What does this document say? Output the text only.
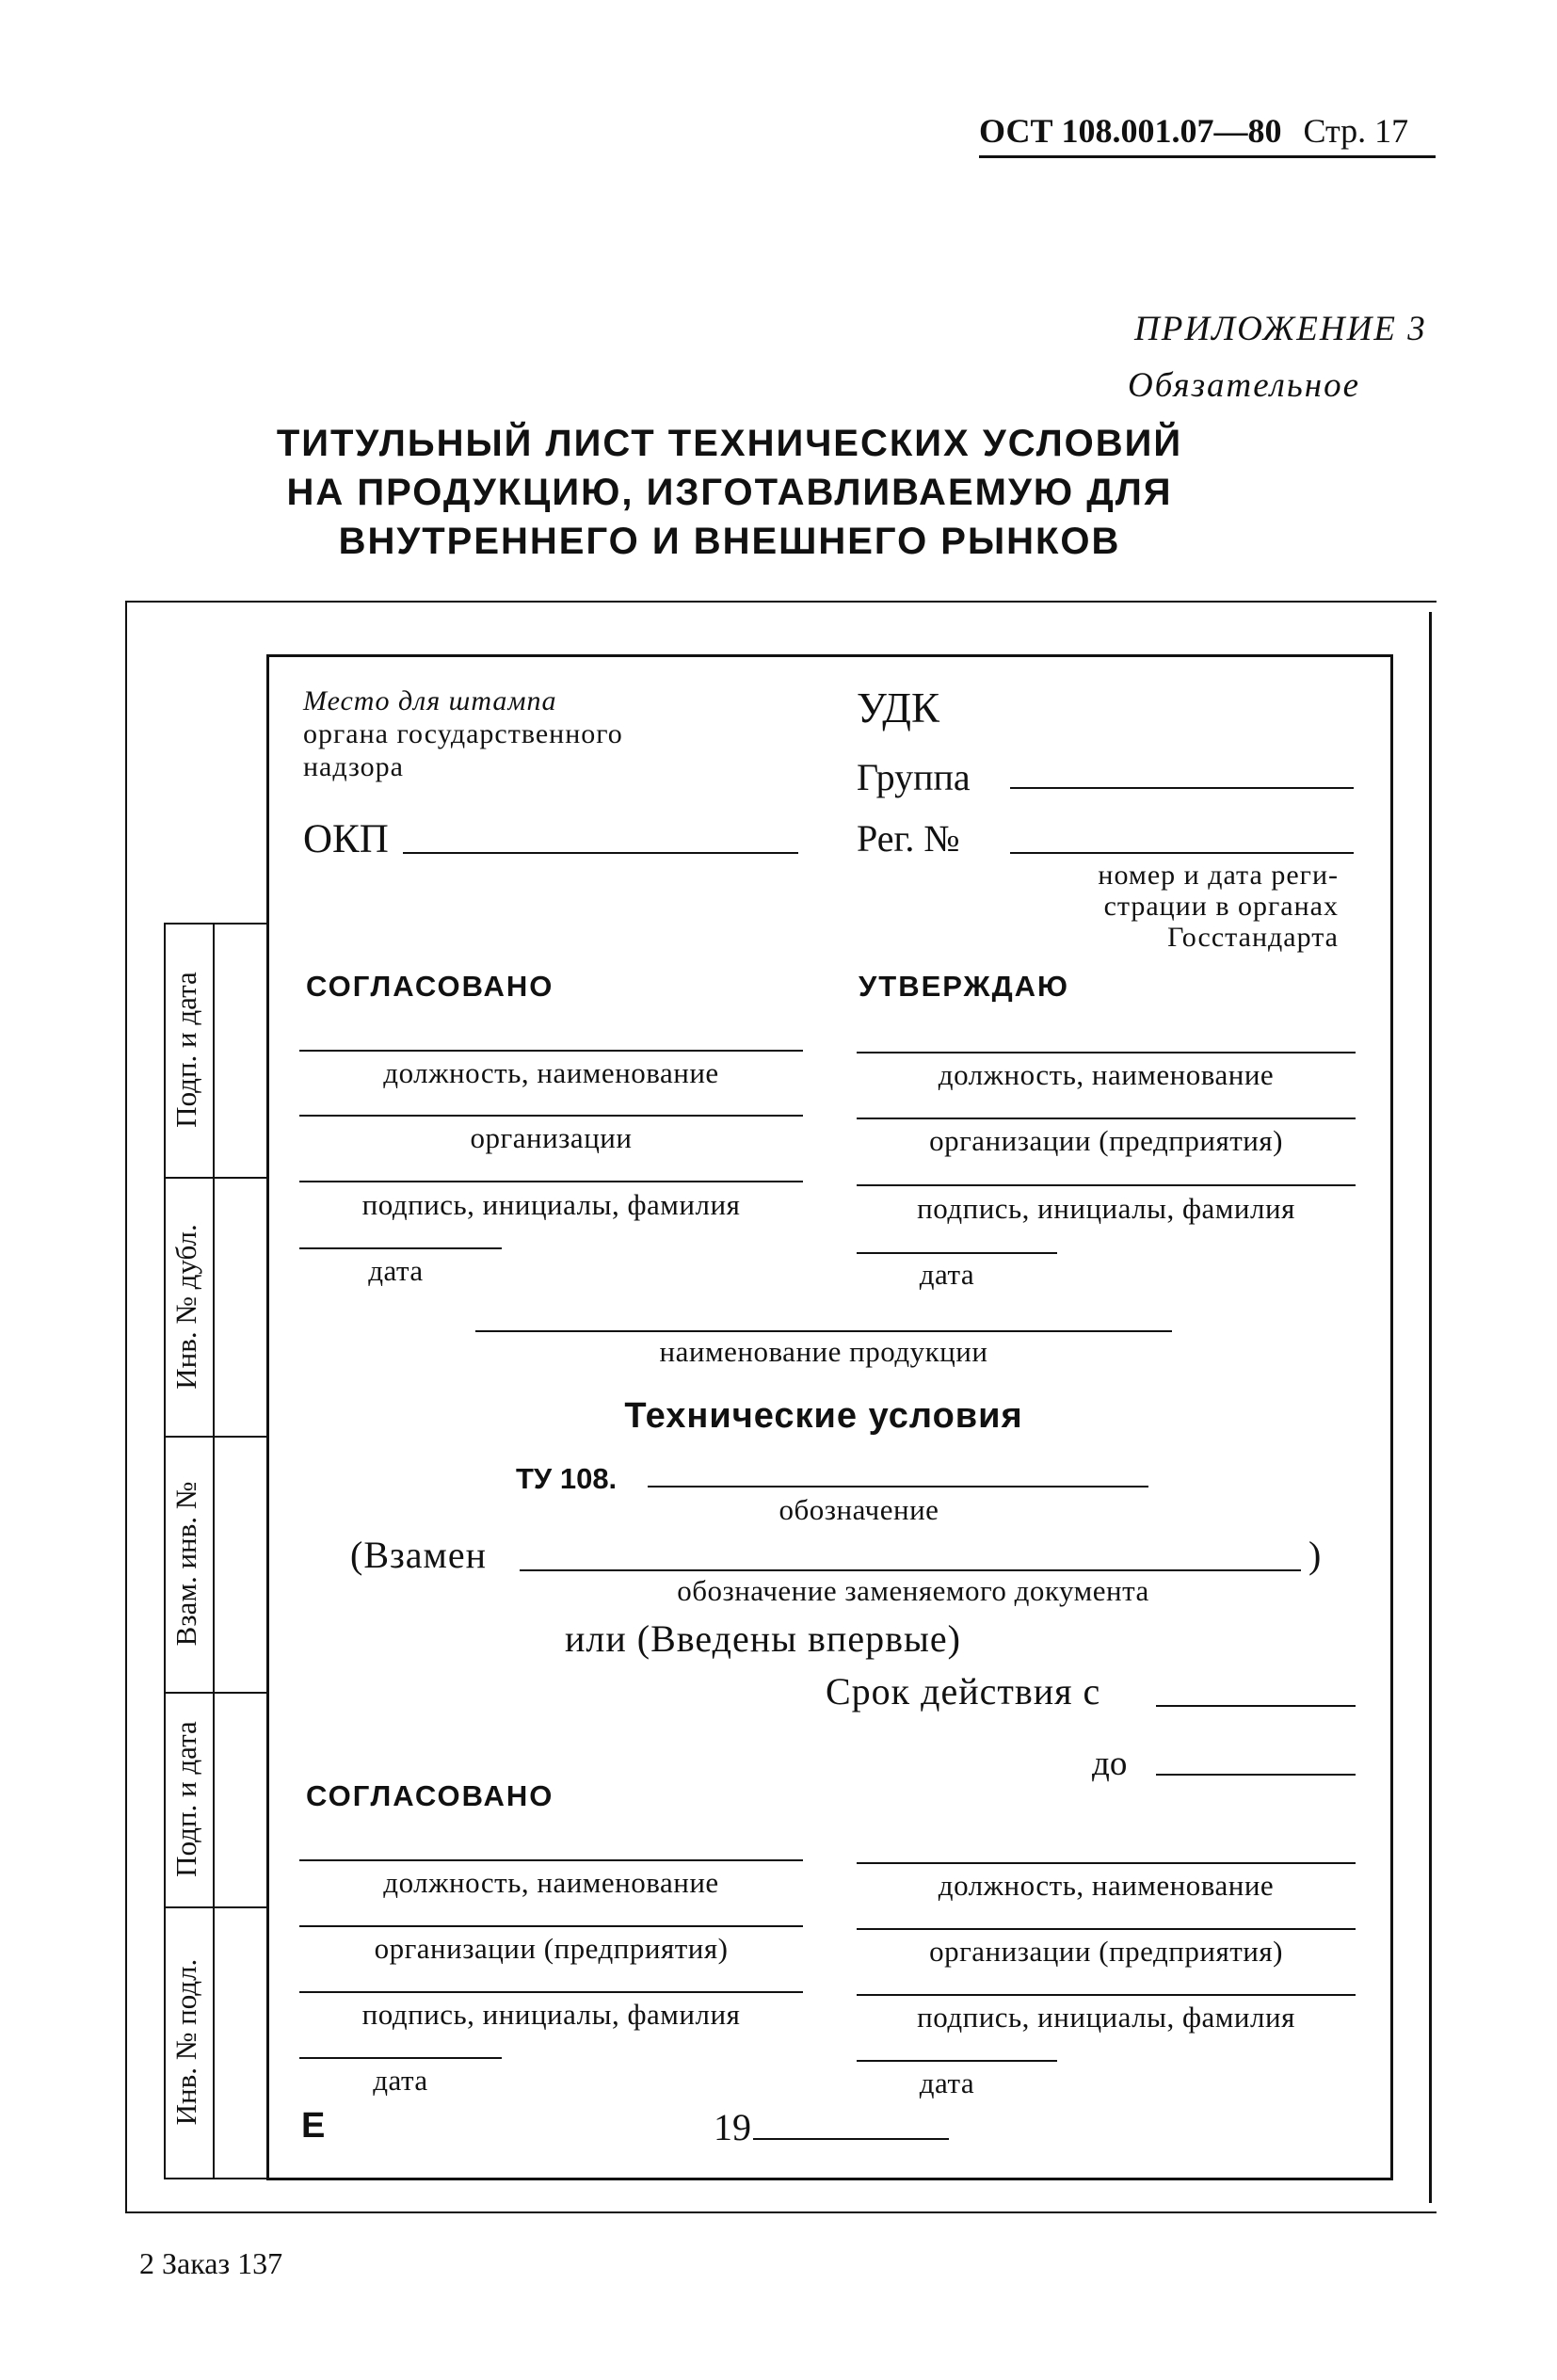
ОСТ 108.001.07—80 Стр. 17
ПРИЛОЖЕНИЕ 3
Обязательное
ТИТУЛЬНЫЙ ЛИСТ ТЕХНИЧЕСКИХ УСЛОВИЙ
НА ПРОДУКЦИЮ, ИЗГОТАВЛИВАЕМУЮ ДЛЯ
ВНУТРЕННЕГО И ВНЕШНЕГО РЫНКОВ
Подп. и дата
Инв. № дубл.
Взам. инв. №
Подп. и дата
Инв. № подл.
Место для штампа
органа государственного
надзора
ОКП
УДК
Группа
Рег. №
номер и дата реги-
страции в органах
Госстандарта
СОГЛАСОВАНО	УТВЕРЖДАЮ
должность, наименование
организации
подпись, инициалы, фамилия
дата
должность, наименование
организации (предприятия)
подпись, инициалы, фамилия
дата
наименование продукции
Технические условия
ТУ 108.
обозначение
(Взамен	)
обозначение заменяемого документа
или (Введены впервые)
Срок действия с
до
СОГЛАСОВАНО
должность, наименование
организации (предприятия)
подпись, инициалы, фамилия
дата
должность, наименование
организации (предприятия)
подпись, инициалы, фамилия
дата
Е	19
2 Заказ 137
